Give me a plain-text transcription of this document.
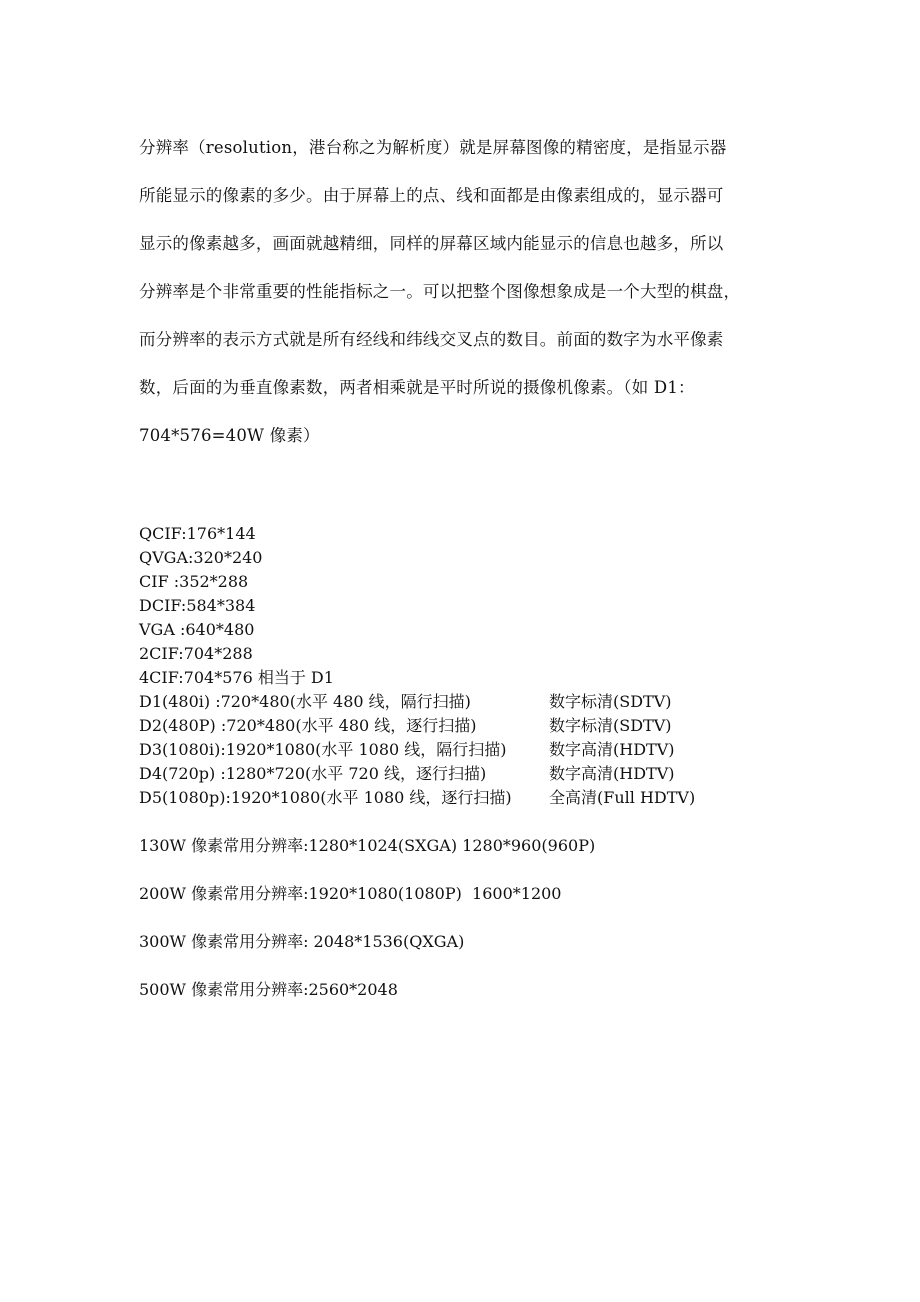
分辨率（resolution，港台称之为解析度）就是屏幕图像的精密度，是指显示器

所能显示的像素的多少。由于屏幕上的点、线和面都是由像素组成的，显示器可

显示的像素越多，画面就越精细，同样的屏幕区域内能显示的信息也越多，所以

分辨率是个非常重要的性能指标之一。可以把整个图像想象成是一个大型的棋盘，

而分辨率的表示方式就是所有经线和纬线交叉点的数目。前面的数字为水平像素

数，后面的为垂直像素数，两者相乘就是平时所说的摄像机像素。（如 D1：

704*576=40W 像素）

QCIF:176*144
QVGA:320*240
CIF :352*288
DCIF:584*384
VGA :640*480
2CIF:704*288
4CIF:704*576 相当于 D1
D1(480i) :720*480(水平 480 线，隔行扫描)	数字标清(SDTV)
D2(480P) :720*480(水平 480 线，逐行扫描)	数字标清(SDTV)
D3(1080i):1920*1080(水平 1080 线，隔行扫描)	数字高清(HDTV)
D4(720p) :1280*720(水平 720 线，逐行扫描)	数字高清(HDTV)
D5(1080p):1920*1080(水平 1080 线，逐行扫描)	全高清(Full HDTV)
130W 像素常用分辨率:1280*1024(SXGA) 1280*960(960P)
200W 像素常用分辨率:1920*1080(1080P)  1600*1200
300W 像素常用分辨率: 2048*1536(QXGA)
500W 像素常用分辨率:2560*2048
